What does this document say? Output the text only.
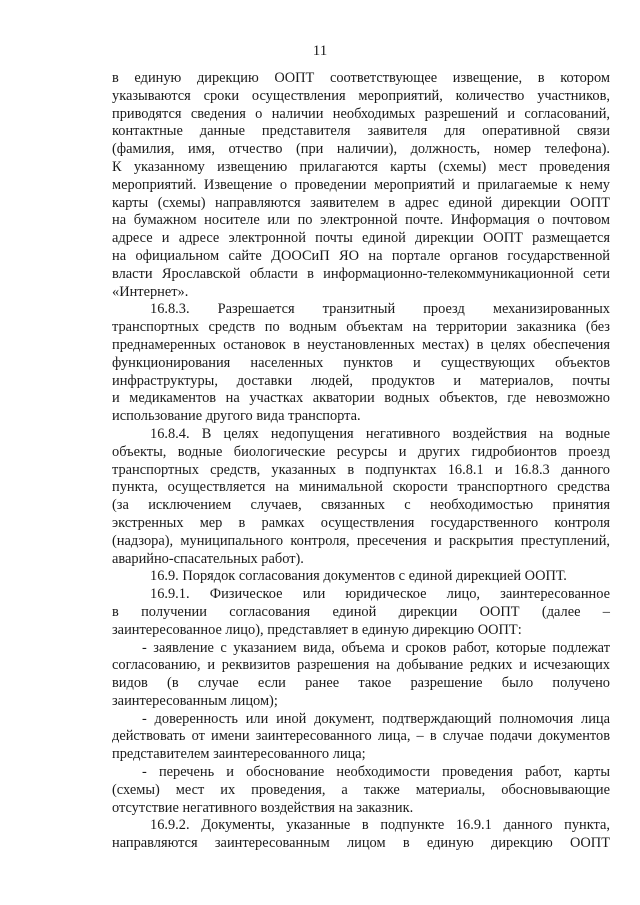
11
в единую дирекцию ООПТ соответствующее извещение, в котором
указываются сроки осуществления мероприятий, количество участников,
приводятся сведения о наличии необходимых разрешений и согласований,
контактные данные представителя заявителя для оперативной связи
(фамилия, имя, отчество (при наличии), должность, номер телефона).
К указанному извещению прилагаются карты (схемы) мест проведения
мероприятий. Извещение о проведении мероприятий и прилагаемые к нему
карты (схемы) направляются заявителем в адрес единой дирекции ООПТ
на бумажном носителе или по электронной почте. Информация о почтовом
адресе и адресе электронной почты единой дирекции ООПТ размещается
на официальном сайте ДООСиП ЯО на портале органов государственной
власти Ярославской области в информационно-телекоммуникационной сети
«Интернет».
16.8.3. Разрешается транзитный проезд механизированных
транспортных средств по водным объектам на территории заказника (без
преднамеренных остановок в неустановленных местах) в целях обеспечения
функционирования населенных пунктов и существующих объектов
инфраструктуры, доставки людей, продуктов и материалов, почты
и медикаментов на участках акватории водных объектов, где невозможно
использование другого вида транспорта.
16.8.4. В целях недопущения негативного воздействия на водные
объекты, водные биологические ресурсы и других гидробионтов проезд
транспортных средств, указанных в подпунктах 16.8.1 и 16.8.3 данного
пункта, осуществляется на минимальной скорости транспортного средства
(за исключением случаев, связанных с необходимостью принятия
экстренных мер в рамках осуществления государственного контроля
(надзора), муниципального контроля, пресечения и раскрытия преступлений,
аварийно-спасательных работ).
16.9. Порядок согласования документов с единой дирекцией ООПТ.
16.9.1. Физическое или юридическое лицо, заинтересованное
в получении согласования единой дирекции ООПТ (далее –
заинтересованное лицо), представляет в единую дирекцию ООПТ:
- заявление с указанием вида, объема и сроков работ, которые подлежат
согласованию, и реквизитов разрешения на добывание редких и исчезающих
видов (в случае если ранее такое разрешение было получено
заинтересованным лицом);
- доверенность или иной документ, подтверждающий полномочия лица
действовать от имени заинтересованного лица, – в случае подачи документов
представителем заинтересованного лица;
- перечень и обоснование необходимости проведения работ, карты
(схемы) мест их проведения, а также материалы, обосновывающие
отсутствие негативного воздействия на заказник.
16.9.2. Документы, указанные в подпункте 16.9.1 данного пункта,
направляются заинтересованным лицом в единую дирекцию ООПТ
